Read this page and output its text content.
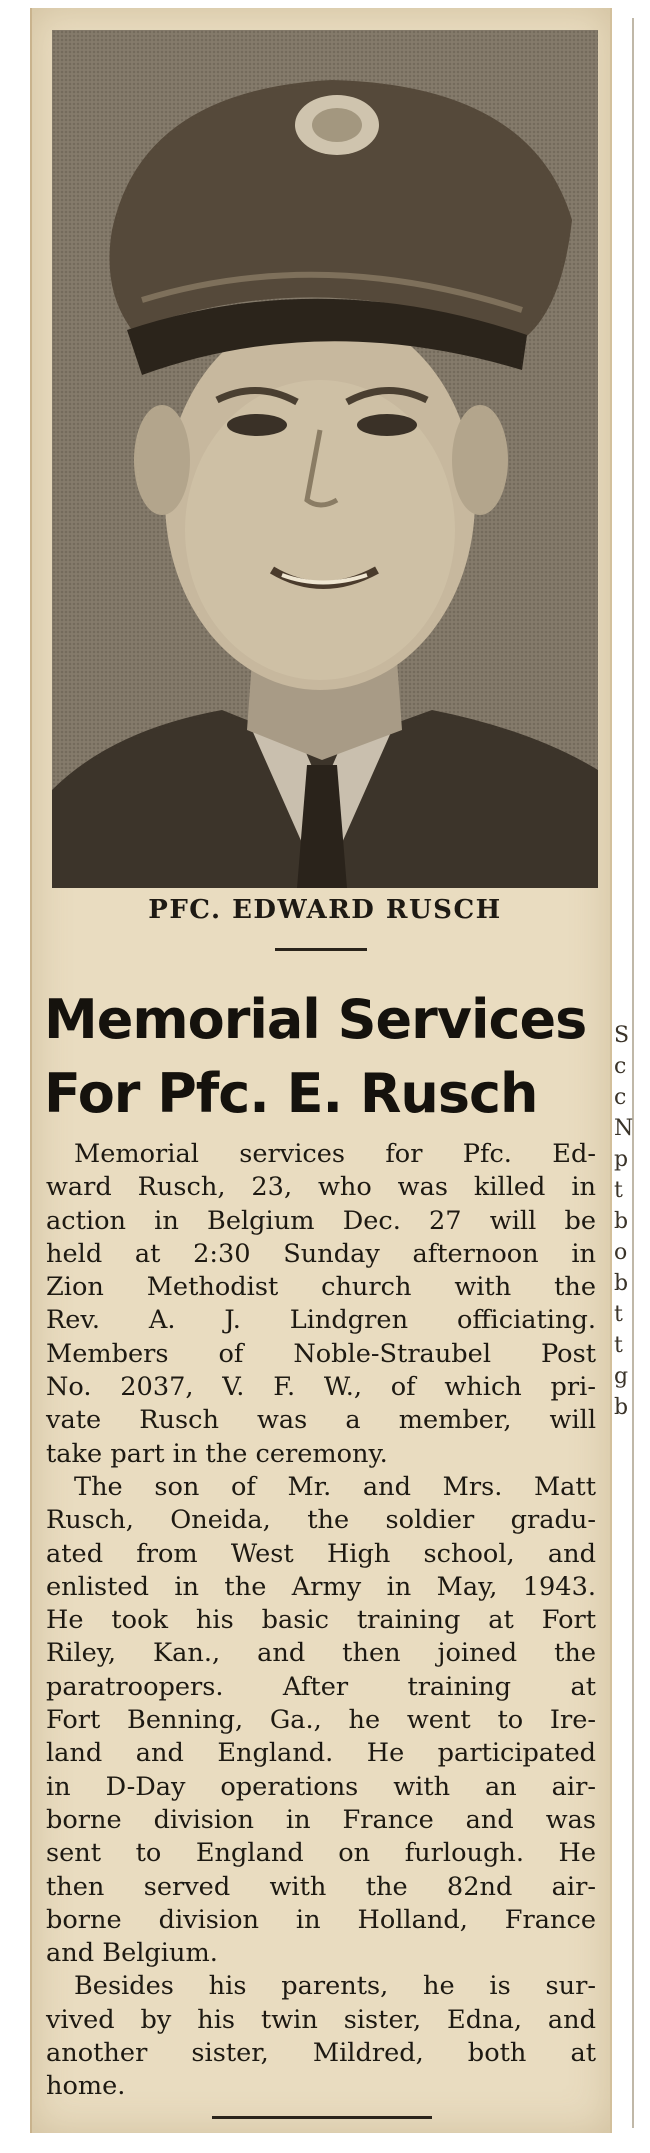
PFC. EDWARD RUSCH
Memorial Services
For Pfc. E. Rusch
Memorial services for Pfc. Ed-
ward Rusch, 23, who was killed in
action in Belgium Dec. 27 will be
held at 2:30 Sunday afternoon in
Zion Methodist church with the
Rev. A. J. Lindgren officiating.
Members of Noble-Straubel Post
No. 2037, V. F. W., of which pri-
vate Rusch was a member, will
take part in the ceremony.
The son of Mr. and Mrs. Matt
Rusch, Oneida, the soldier gradu-
ated from West High school, and
enlisted in the Army in May, 1943.
He took his basic training at Fort
Riley, Kan., and then joined the
paratroopers. After training at
Fort Benning, Ga., he went to Ire-
land and England. He participated
in D-Day operations with an air-
borne division in France and was
sent to England on furlough. He
then served with the 82nd air-
borne division in Holland, France
and Belgium.
Besides his parents, he is sur-
vived by his twin sister, Edna, and
another sister, Mildred, both at
home.
S
c
c
N
p
t
b
o
b
t
t
g
b
